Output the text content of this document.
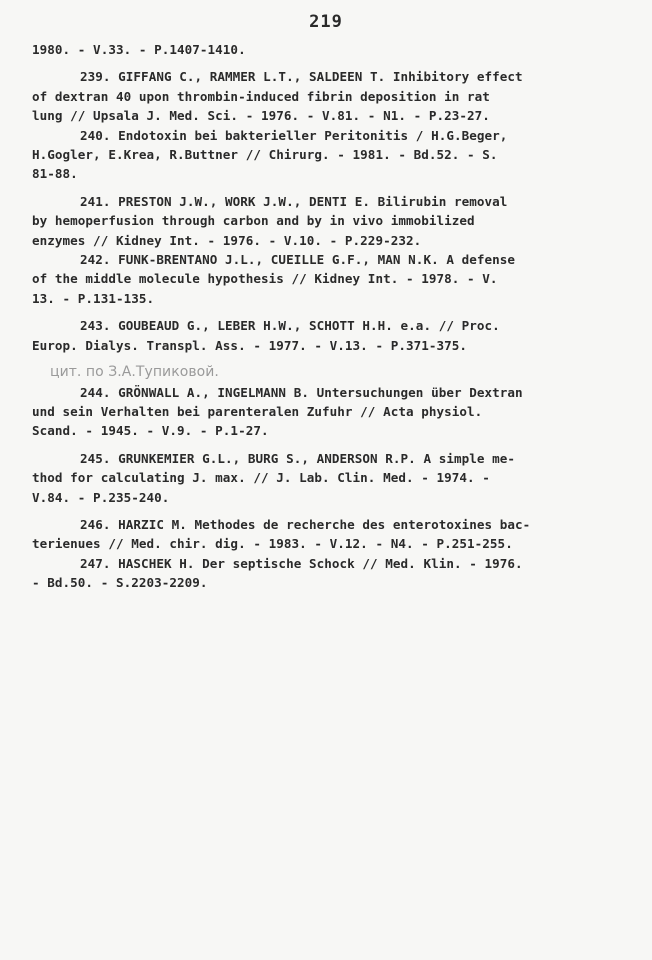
219
1980. - V.33. - P.1407-1410.
239. GIFFANG C., RAMMER L.T., SALDEEN T. Inhibitory effect
of dextran 40 upon thrombin-induced fibrin deposition in rat
lung // Upsala J. Med. Sci. - 1976. - V.81. - N1. - P.23-27.
240. Endotoxin bei bakterieller Peritonitis / H.G.Beger,
H.Gogler, E.Krea, R.Buttner // Chirurg. - 1981. - Bd.52. - S.
81-88.
241. PRESTON J.W., WORK J.W., DENTI E. Bilirubin removal
by hemoperfusion through carbon and by in vivo immobilized
enzymes // Kidney Int. - 1976. - V.10. - P.229-232.
242. FUNK-BRENTANO J.L., CUEILLE G.F., MAN N.K. A defense
of the middle molecule hypothesis // Kidney Int. - 1978. - V.
13. - P.131-135.
243. GOUBEAUD G., LEBER H.W., SCHOTT H.H. e.a. // Proc.
Europ. Dialys. Transpl. Ass. - 1977. - V.13. - P.371-375.
цит. по З.А.Тупиковой.
244. GRÖNWALL A., INGELMANN B. Untersuchungen über Dextran
und sein Verhalten bei parenteralen Zufuhr // Acta physiol.
Scand. - 1945. - V.9. - P.1-27.
245. GRUNKEMIER G.L., BURG S., ANDERSON R.P. A simple me-
thod for calculating J. max. // J. Lab. Clin. Med. - 1974. -
V.84. - P.235-240.
246. HARZIC M. Methodes de recherche des enterotoxines bac-
terienues // Med. chir. dig. - 1983. - V.12. - N4. - P.251-255.
247. HASCHEK H. Der septische Schock // Med. Klin. - 1976.
- Bd.50. - S.2203-2209.
